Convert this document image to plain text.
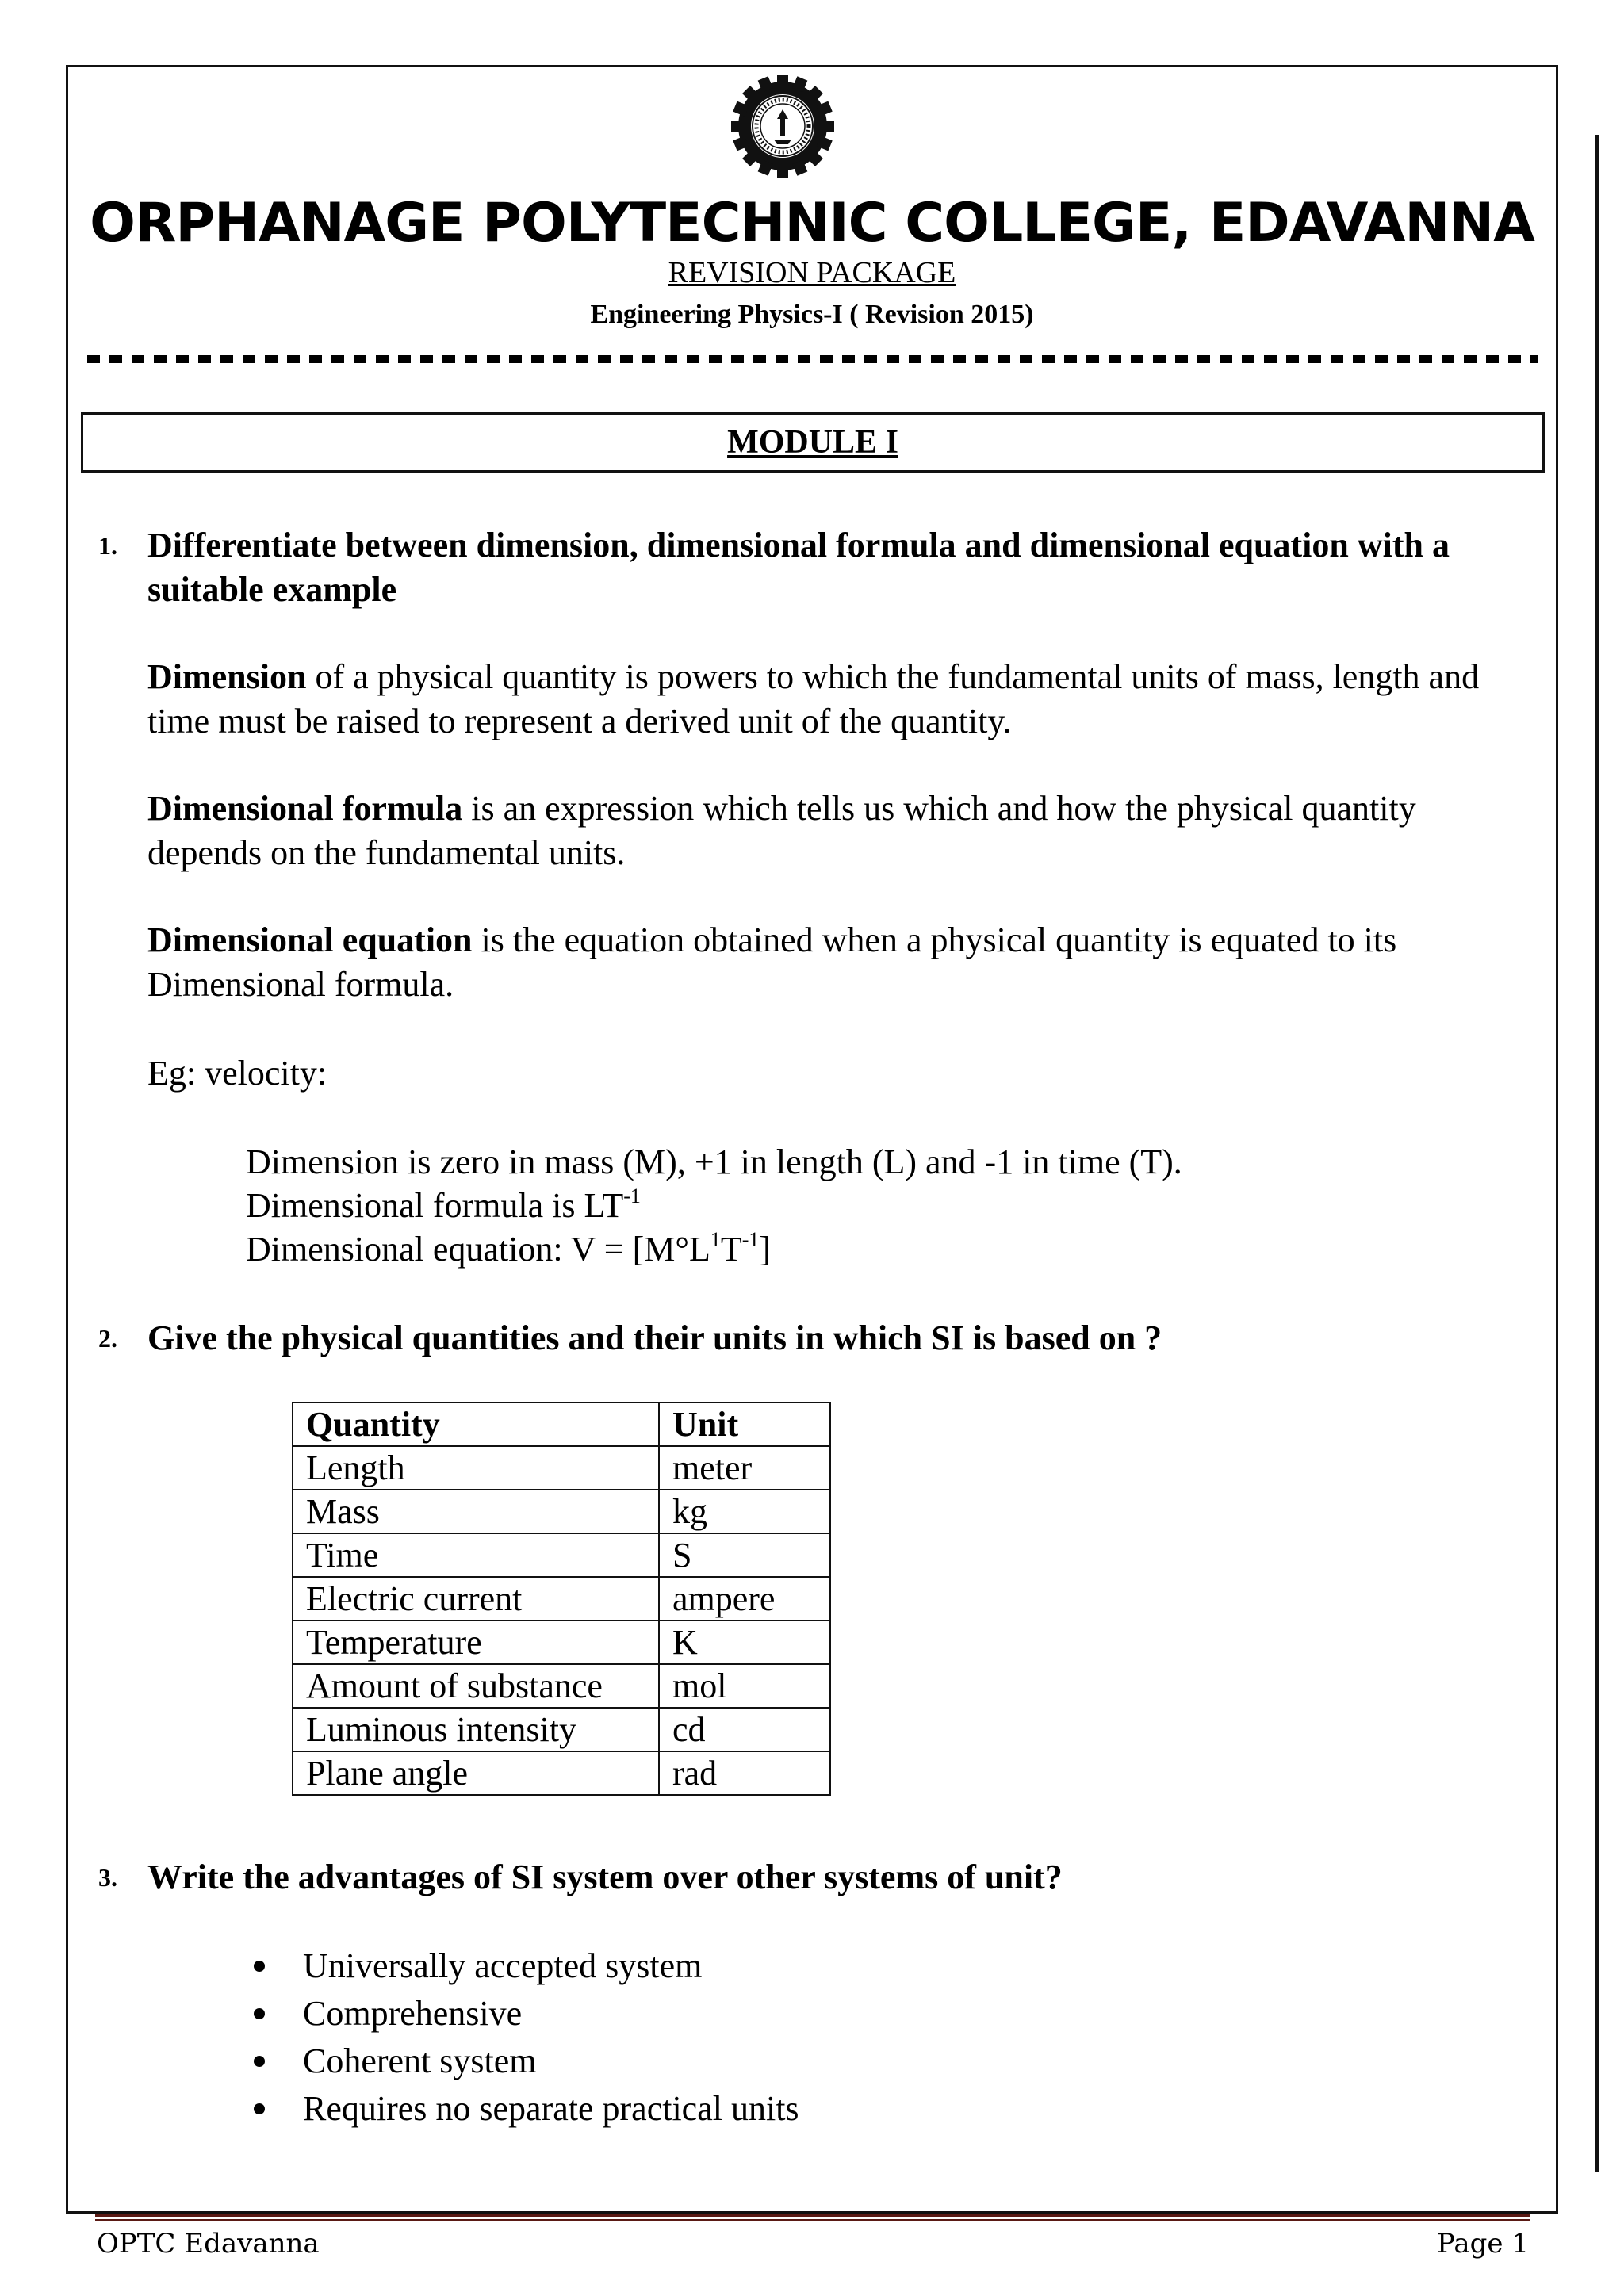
ORPHANAGE POLYTECHNIC COLLEGE, EDAVANNA
REVISION PACKAGE
Engineering Physics-I ( Revision 2015)
MODULE I
1. Differentiate between dimension, dimensional formula and dimensional equation with a suitable example

Dimension of a physical quantity is powers to which the fundamental units of mass, length and time must be raised to represent a derived unit of the quantity.

Dimensional formula is an expression which tells us which and how the physical quantity depends on the fundamental units.

Dimensional equation is the equation obtained when a physical quantity is equated to its Dimensional formula.

Eg: velocity:

Dimension is zero in mass (M), +1 in length (L) and -1 in time (T).

Dimensional formula is $LT^{-1}$

Dimensional equation: $V = [M^\circ L^1T^{-1}]$

2. Give the physical quantities and their units in which SI is based on ?
Quantity	Unit
Length	meter
Mass	kg
Time	S
Electric current	ampere
Temperature	K
Amount of substance	mol
Luminous intensity	cd
Plane angle	rad
3. Write the advantages of SI system over other systems of unit?
Universally accepted system
Comprehensive
Coherent system
Requires no separate practical units
OPTC Edavanna	Page 1
